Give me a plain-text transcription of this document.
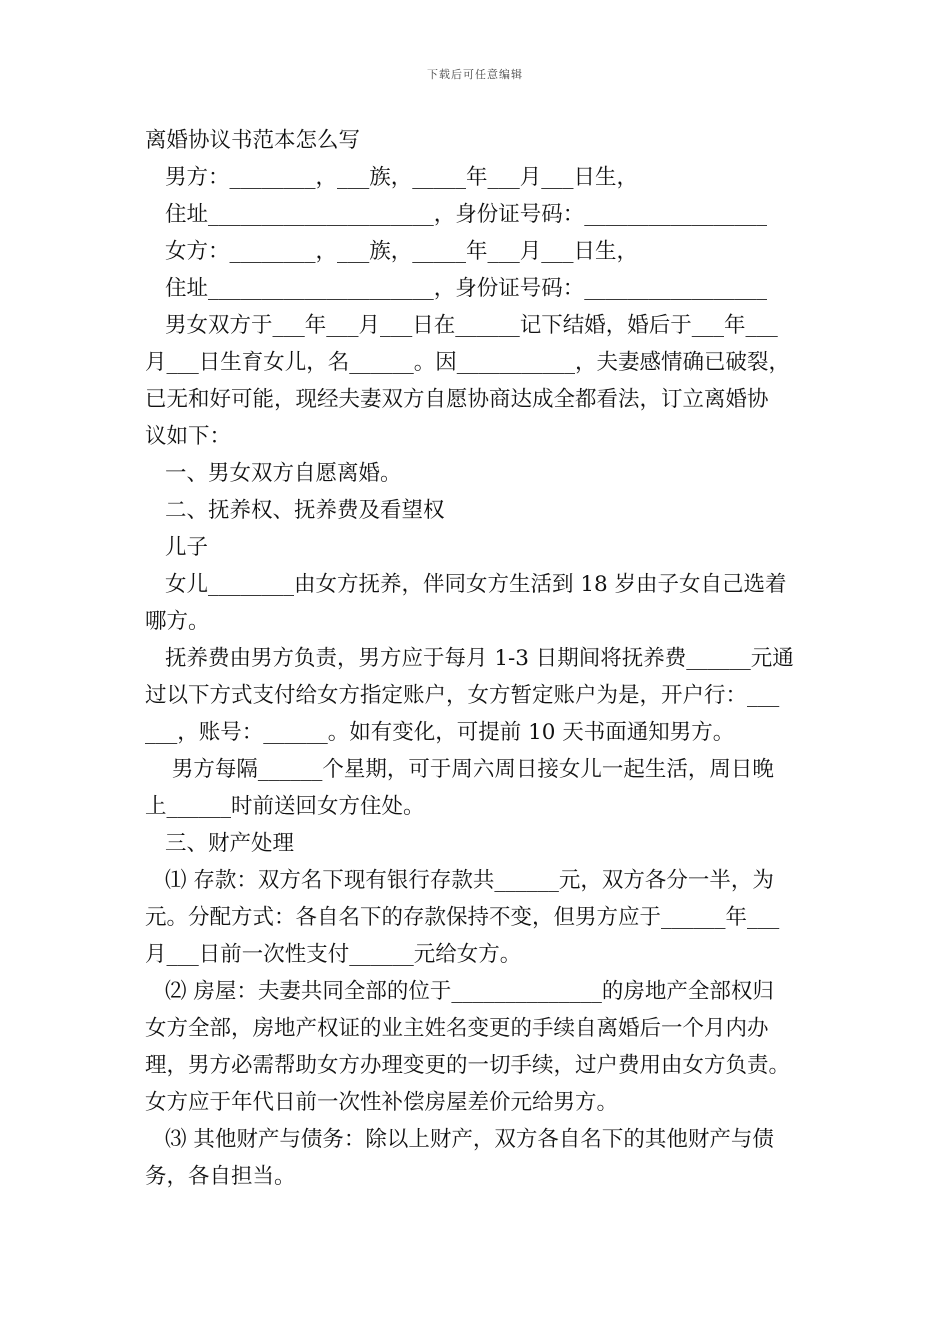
下载后可任意编辑
离婚协议书范本怎么写
男方：________，___族，_____年___月___日生，
住址_____________________，身份证号码：_________________
女方：________，___族，_____年___月___日生，
住址_____________________，身份证号码：_________________
男女双方于___年___月___日在______记下结婚，婚后于___年___
月___日生育女儿，名______。因___________，夫妻感情确已破裂，
已无和好可能，现经夫妻双方自愿协商达成全都看法，订立离婚协
议如下：
一、男女双方自愿离婚。
二、抚养权、抚养费及看望权
儿子
女儿________由女方抚养，伴同女方生活到 18 岁由子女自己选着
哪方。
抚养费由男方负责，男方应于每月 1-3 日期间将抚养费______元通
过以下方式支付给女方指定账户，女方暂定账户为是，开户行：___
___，账号：______。如有变化，可提前 10 天书面通知男方。
男方每隔______个星期，可于周六周日接女儿一起生活，周日晚
上______时前送回女方住处。
三、财产处理
⑴ 存款：双方名下现有银行存款共______元，双方各分一半，为
元。分配方式：各自名下的存款保持不变，但男方应于______年___
月___日前一次性支付______元给女方。
⑵ 房屋：夫妻共同全部的位于______________的房地产全部权归
女方全部，房地产权证的业主姓名变更的手续自离婚后一个月内办
理，男方必需帮助女方办理变更的一切手续，过户费用由女方负责。
女方应于年代日前一次性补偿房屋差价元给男方。
⑶ 其他财产与债务：除以上财产，双方各自名下的其他财产与债
务，各自担当。
